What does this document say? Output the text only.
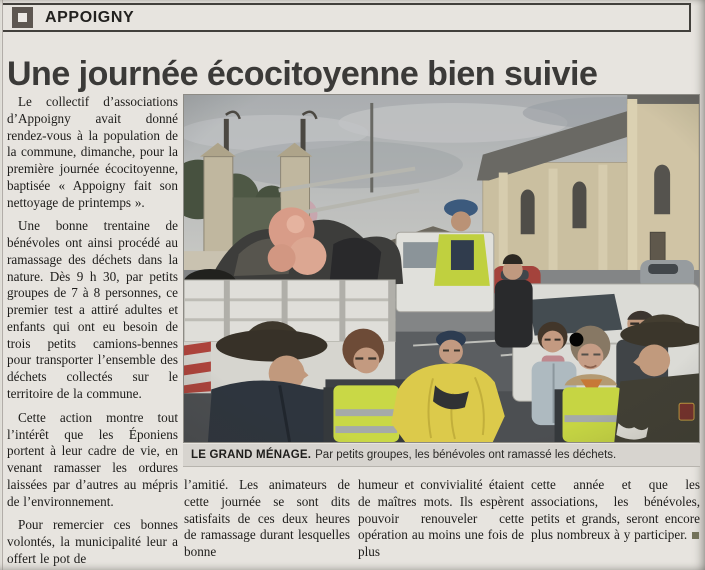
APPOIGNY
Une journée écocitoyenne bien suivie

Le collectif d’associations d’Appoigny avait donné rendez-vous à la population de la commune, dimanche, pour la première journée écocitoyenne, baptisée « Appoigny fait son nettoyage de printemps ».

Une bonne trentaine de bénévoles ont ainsi procédé au ramassage des déchets dans la nature. Dès 9 h 30, par petits groupes de 7 à 8 personnes, ce premier test a attiré adultes et enfants qui ont eu besoin de trois petits camions-bennes pour transporter l’ensemble des déchets collectés sur le territoire de la commune.

Cette action montre tout l’intérêt que les Époniens portent à leur cadre de vie, en venant ramasser les ordures laissées par d’autres au mépris de l’environnement.

Pour remercier ces bonnes volontés, la municipalité leur a offert le pot de

LE GRAND MÉNAGE. Par petits groupes, les bénévoles ont ramassé les déchets.

l’amitié. Les animateurs de cette journée se sont dits satisfaits de ces deux heures de ramassage durant lesquelles bonne

humeur et convivialité étaient de maîtres mots. Ils espèrent pouvoir renouveler cette opération au moins une fois de plus

cette année et que les associations, les bénévoles, petits et grands, seront encore plus nombreux à y participer.
